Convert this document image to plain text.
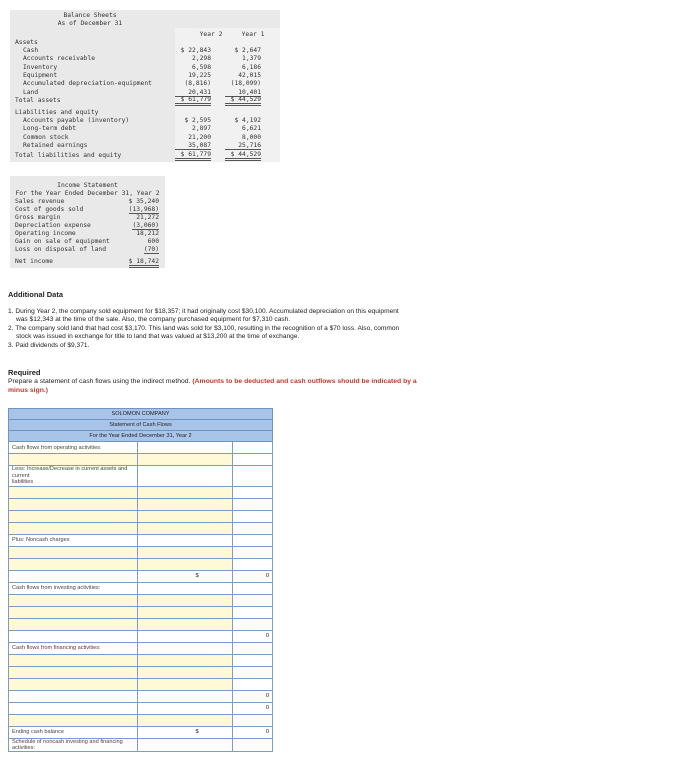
Balance Sheets
As of December 31
Year 2	Year 1
Assets
Cash	$ 22,843	$ 2,647
Accounts receivable	2,298	1,379
Inventory	6,598	6,186
Equipment	19,225	42,015
Accumulated depreciation-equipment	(8,816)	(18,099)
Land	20,431	10,401
Total assets	$ 61,779	$ 44,529
Liabilities and equity
Accounts payable (inventory)	$ 2,595	$ 4,192
Long-term debt	2,897	6,621
Common stock	21,200	8,000
Retained earnings	35,087	25,716
Total liabilities and equity	$ 61,779	$ 44,529
Income Statement
For the Year Ended December 31, Year 2
Sales revenue	$ 35,240
Cost of goods sold	(13,968)
Gross margin	21,272
Depreciation expense	(3,060)
Operating income	18,212
Gain on sale of equipment	600
Loss on disposal of land	(70)
Net income	$ 18,742
Additional Data
1. During Year 2, the company sold equipment for $18,357; it had originally cost $30,100. Accumulated depreciation on this equipment
was $12,343 at the time of the sale. Also, the company purchased equipment for $7,310 cash.
2. The company sold land that had cost $3,170. This land was sold for $3,100, resulting in the recognition of a $70 loss. Also, common
stock was issued in exchange for title to land that was valued at $13,200 at the time of exchange.
3. Paid dividends of $9,371.
Required
Prepare a statement of cash flows using the indirect method. (Amounts to be deducted and cash outflows should be indicated by a
minus sign.)
SOLOMON COMPANY		
Statement of Cash Flows		
For the Year Ended December 31, Year 2		
Cash flows from operating activities:		

Less: Increase/Decrease in current assets and current
liabilities		

Plus: Noncash charges		

	$	0
Cash flows from investing activities:		

		0
Cash flows from financing activities:		

		0
		0

Ending cash balance	$	0
Schedule of noncash investing and financing activities:		
